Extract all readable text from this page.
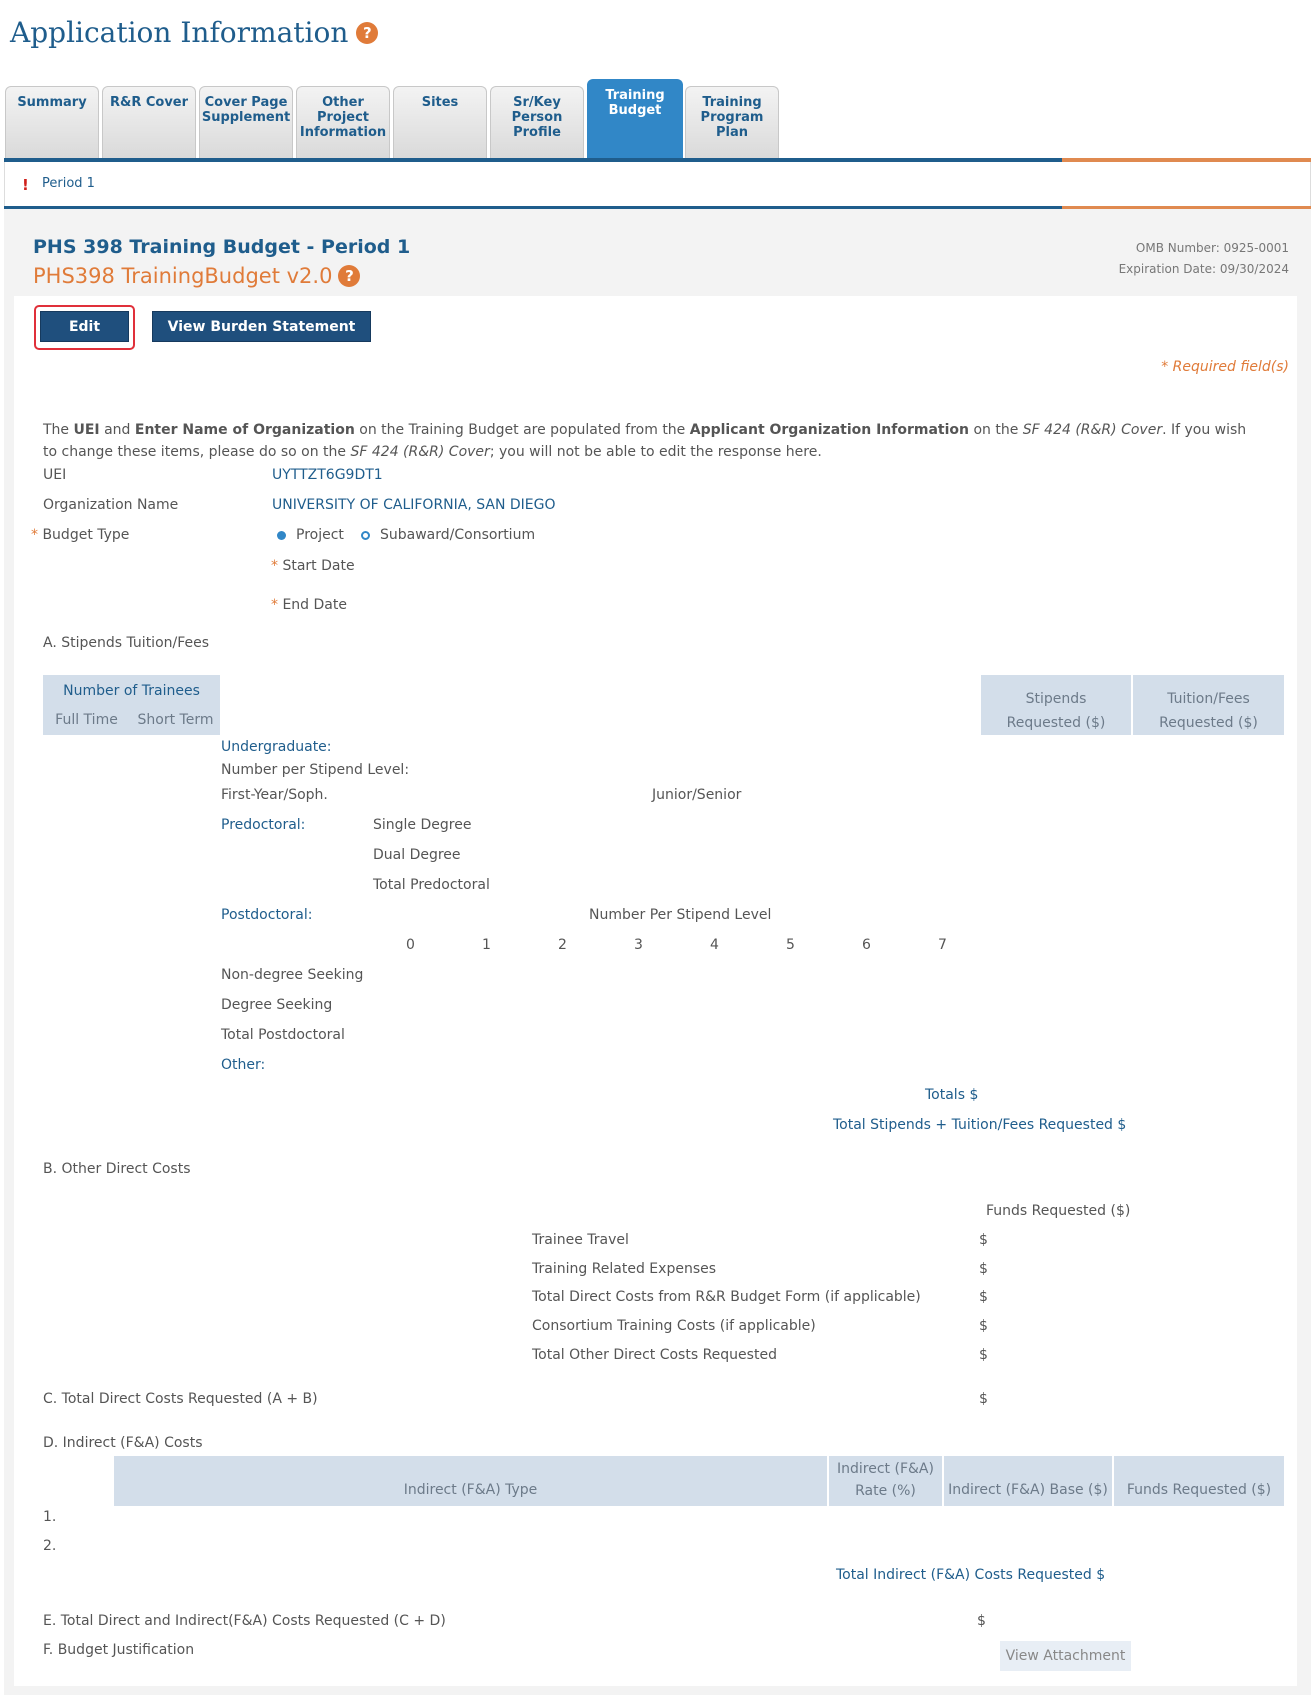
Application Information ?
Summary	R&R Cover	Cover Page Supplement
Other Project Information
Sites	Sr/Key Person Profile
Training Budget
Training Program Plan
! Period 1
PHS 398 Training Budget - Period 1
PHS398 TrainingBudget v2.0 ?
OMB Number: 0925-0001
Expiration Date: 09/30/2024
Edit	View Burden Statement
* Required field(s)
The UEI and Enter Name of Organization on the Training Budget are populated from the Applicant Organization Information on the SF 424 (R&R) Cover. If you wish to change these items, please do so on the SF 424 (R&R) Cover; you will not be able to edit the response here.
UEI	UYTTZT6G9DT1
Organization Name	UNIVERSITY OF CALIFORNIA, SAN DIEGO
* Budget Type	Project	Subaward/Consortium
* Start Date
* End Date
A. Stipends Tuition/Fees
Number of Trainees
Full Time	Short Term
Stipends Requested ($)
Tuition/Fees Requested ($)
Undergraduate:
Number per Stipend Level:
First-Year/Soph.	Junior/Senior
Predoctoral:	Single Degree
Dual Degree
Total Predoctoral
Postdoctoral:	Number Per Stipend Level
0	1	2	3	4	5	6	7
Non-degree Seeking
Degree Seeking
Total Postdoctoral
Other:
Totals $
Total Stipends + Tuition/Fees Requested $
B. Other Direct Costs
Funds Requested ($)
Trainee Travel	$
Training Related Expenses	$
Total Direct Costs from R&R Budget Form (if applicable)	$
Consortium Training Costs (if applicable)	$
Total Other Direct Costs Requested	$
C. Total Direct Costs Requested (A + B)	$
D. Indirect (F&A) Costs
Indirect (F&A) Type
Indirect (F&A) Rate (%)	Indirect (F&A) Base ($)	Funds Requested ($)
1.
2.
Total Indirect (F&A) Costs Requested $
E. Total Direct and Indirect(F&A) Costs Requested (C + D)	$
F. Budget Justification	View Attachment
